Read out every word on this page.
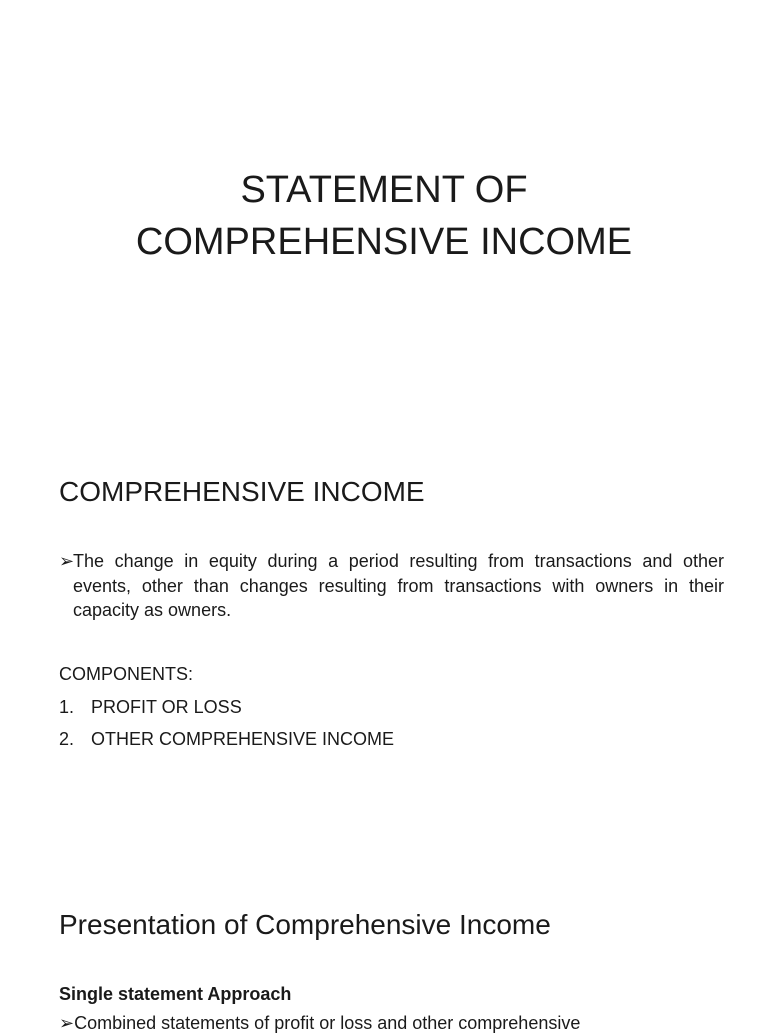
STATEMENT OF
COMPREHENSIVE INCOME
COMPREHENSIVE INCOME

➢The change in equity during a period resulting from transactions and other events, other than changes resulting from transactions with owners in their capacity as owners.

COMPONENTS:

1. PROFIT OR LOSS

2. OTHER COMPREHENSIVE INCOME

Presentation of Comprehensive Income

Single statement Approach

➢Combined statements of profit or loss and other comprehensive
